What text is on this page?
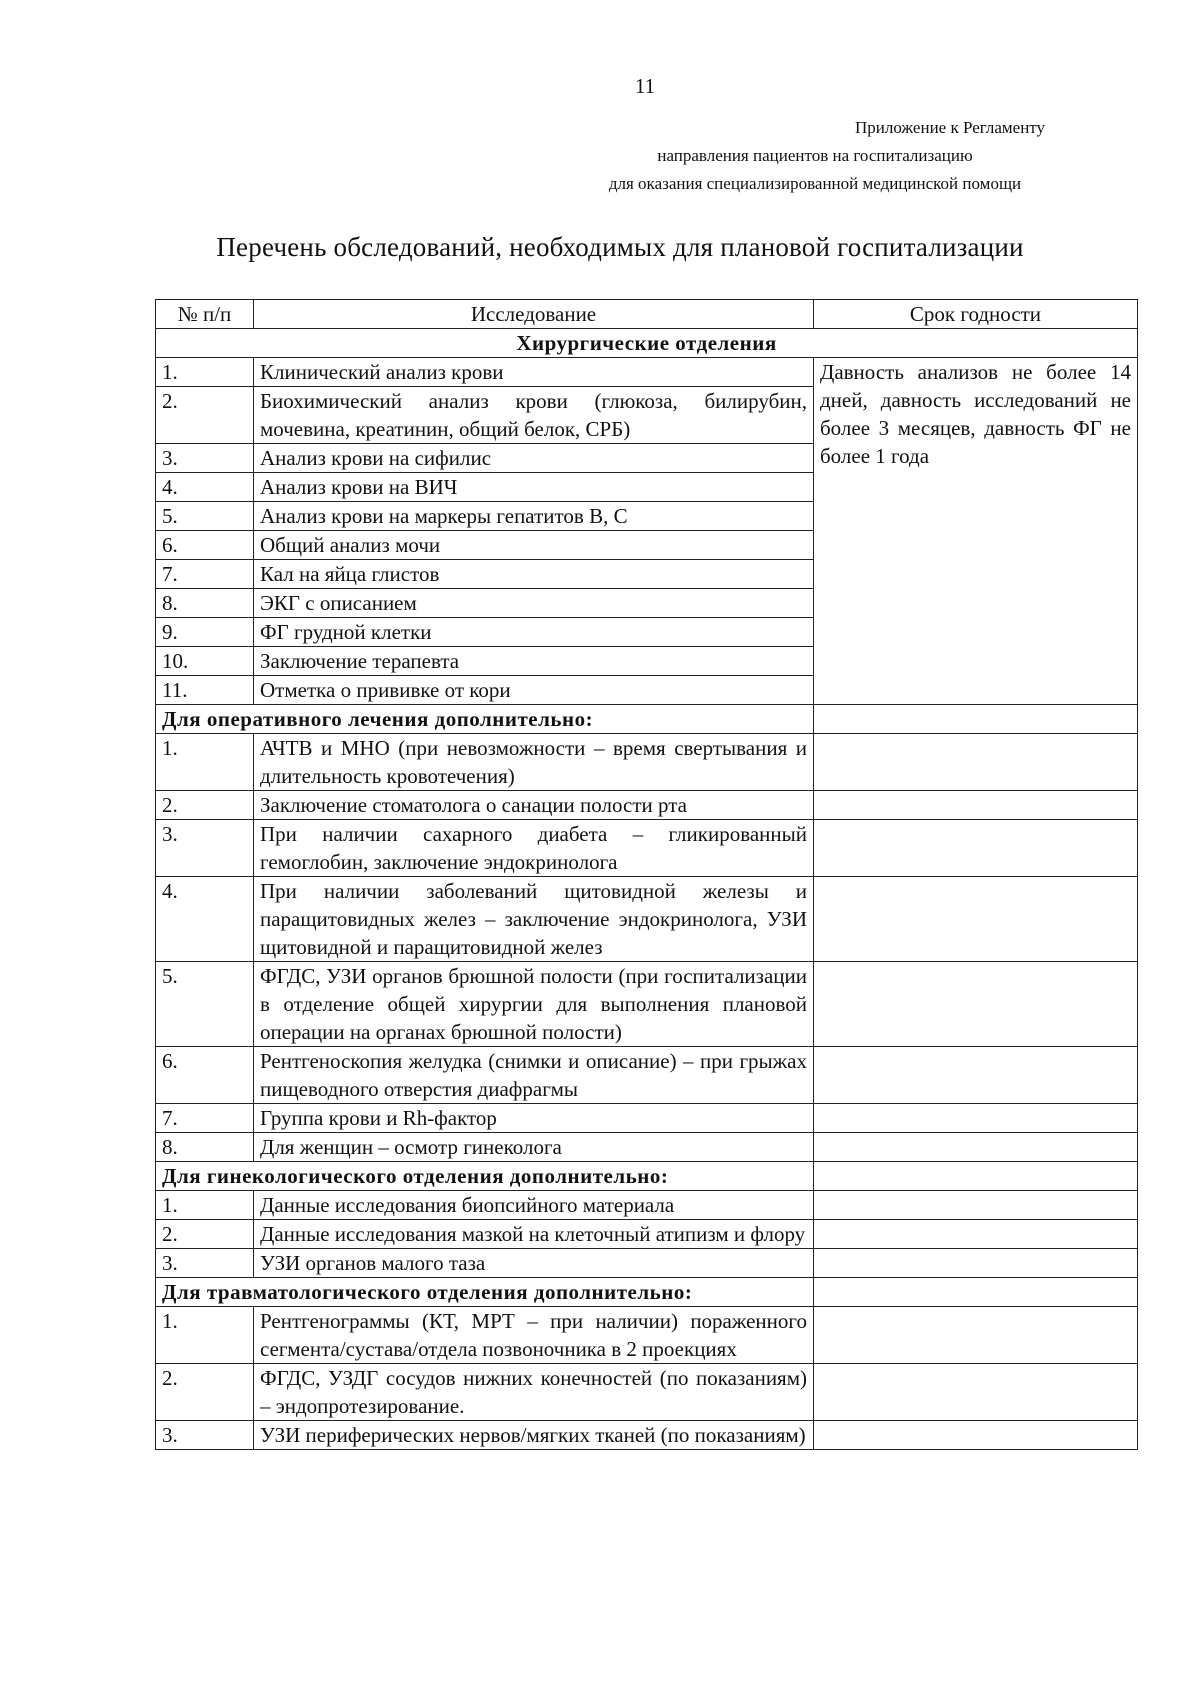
11
Приложение к Регламенту
направления пациентов на госпитализацию
для оказания специализированной медицинской помощи
Перечень обследований, необходимых для плановой госпитализации
№ п/п	Исследование	Срок годности
Хирургические отделения		
1.	Клинический анализ крови	Давность анализов не более 14 дней, давность исследований не более 3 месяцев, давность ФГ не более 1 года
2.	Биохимический анализ крови (глюкоза, билирубин, мочевина, креатинин, общий белок, СРБ)	
3.	Анализ крови на сифилис	
4.	Анализ крови на ВИЧ	
5.	Анализ крови на маркеры гепатитов В, С	
6.	Общий анализ мочи	
7.	Кал на яйца глистов	
8.	ЭКГ с описанием	
9.	ФГ грудной клетки	
10.	Заключение терапевта	
11.	Отметка о прививке от кори	
Для оперативного лечения дополнительно:		
1.	АЧТВ и МНО (при невозможности – время свертывания и длительность кровотечения)	
2.	Заключение стоматолога о санации полости рта	
3.	При наличии сахарного диабета – гликированный гемоглобин, заключение эндокринолога	
4.	При наличии заболеваний щитовидной железы и паращитовидных желез – заключение эндокринолога, УЗИ щитовидной и паращитовидной желез	
5.	ФГДС, УЗИ органов брюшной полости (при госпитализации в отделение общей хирургии для выполнения плановой операции на органах брюшной полости)	
6.	Рентгеноскопия желудка (снимки и описание) – при грыжах пищеводного отверстия диафрагмы	
7.	Группа крови и Rh-фактор	
8.	Для женщин – осмотр гинеколога	
Для гинекологического отделения дополнительно:		
1.	Данные исследования биопсийного материала	
2.	Данные исследования мазкой на клеточный атипизм и флору	
3.	УЗИ органов малого таза	
Для травматологического отделения дополнительно:		
1.	Рентгенограммы (КТ, МРТ – при наличии) пораженного сегмента/сустава/отдела позвоночника в 2 проекциях	
2.	ФГДС, УЗДГ сосудов нижних конечностей (по показаниям) – эндопротезирование.	
3.	УЗИ периферических нервов/мягких тканей (по показаниям)	
